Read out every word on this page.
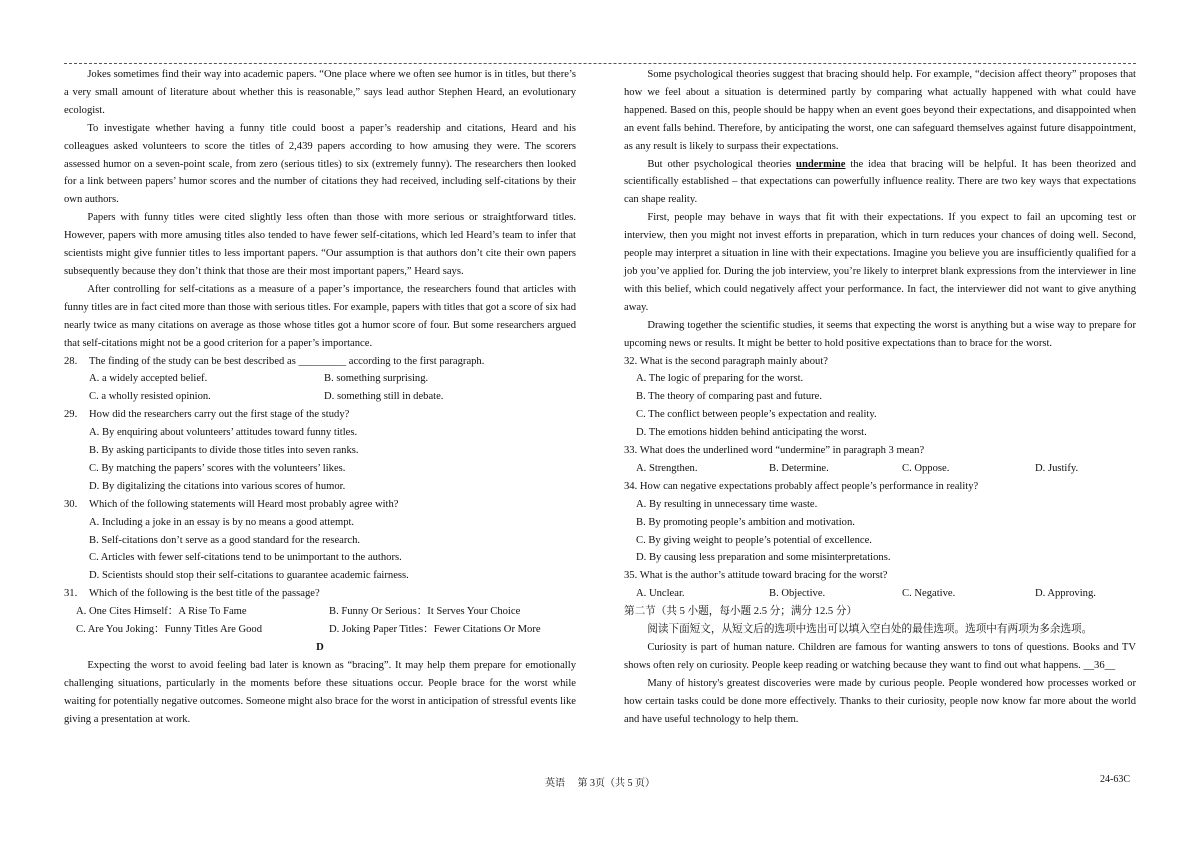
Jokes sometimes find their way into academic papers. “One place where we often see humor is in titles, but there’s a very small amount of literature about whether this is reasonable,” says lead author Stephen Heard, an evolutionary ecologist.

To investigate whether having a funny title could boost a paper’s readership and citations, Heard and his colleagues asked volunteers to score the titles of 2,439 papers according to how amusing they were. The scorers assessed humor on a seven-point scale, from zero (serious titles) to six (extremely funny). The researchers then looked for a link between papers’ humor scores and the number of citations they had received, including self-citations by their own authors.

Papers with funny titles were cited slightly less often than those with more serious or straightforward titles. However, papers with more amusing titles also tended to have fewer self-citations, which led Heard’s team to infer that scientists might give funnier titles to less important papers. “Our assumption is that authors don’t cite their own papers subsequently because they don’t think that those are their most important papers,” Heard says.

After controlling for self-citations as a measure of a paper’s importance, the researchers found that articles with funny titles are in fact cited more than those with serious titles. For example, papers with titles that got a score of six had nearly twice as many citations on average as those whose titles got a humor score of four. But some researchers argued that self-citations might not be a good criterion for a paper’s importance.

28.	The finding of the study can be best described as _________ according to the first paragraph.
A. a widely accepted belief.	B. something surprising.
C. a wholly resisted opinion.	D. something still in debate.
29.	How did the researchers carry out the first stage of the study?

A. By enquiring about volunteers’ attitudes toward funny titles.

B. By asking participants to divide those titles into seven ranks.

C. By matching the papers’ scores with the volunteers’ likes.

D. By digitalizing the citations into various scores of humor.

30.	Which of the following statements will Heard most probably agree with?

A. Including a joke in an essay is by no means a good attempt.

B. Self-citations don’t serve as a good standard for the research.

C. Articles with fewer self-citations tend to be unimportant to the authors.

D. Scientists should stop their self-citations to guarantee academic fairness.

31.	Which of the following is the best title of the passage?
A. One Cites Himself：A Rise To Fame	B. Funny Or Serious：It Serves Your Choice
C. Are You Joking：Funny Titles Are Good	D. Joking Paper Titles：Fewer Citations Or More

D

Expecting the worst to avoid feeling bad later is known as “bracing”. It may help them prepare for emotionally challenging situations, particularly in the moments before these situations occur. People brace for the worst while waiting for potentially negative outcomes. Someone might also brace for the worst in anticipation of stressful events like giving a presentation at work.

Some psychological theories suggest that bracing should help. For example, “decision affect theory” proposes that how we feel about a situation is determined partly by comparing what actually happened with what could have happened. Based on this, people should be happy when an event goes beyond their expectations, and disappointed when an event falls behind. Therefore, by anticipating the worst, one can safeguard themselves against future disappointment, as any result is likely to surpass their expectations.

But other psychological theories undermine the idea that bracing will be helpful. It has been theorized and scientifically established – that expectations can powerfully influence reality. There are two key ways that expectations can shape reality.

First, people may behave in ways that fit with their expectations. If you expect to fail an upcoming test or interview, then you might not invest efforts in preparation, which in turn reduces your chances of doing well. Second, people may interpret a situation in line with their expectations. Imagine you believe you are insufficiently qualified for a job you’ve applied for. During the job interview, you’re likely to interpret blank expressions from the interviewer in line with this belief, which could negatively affect your performance. In fact, the interviewer did not want to give anything away.

Drawing together the scientific studies, it seems that expecting the worst is anything but a wise way to prepare for upcoming news or results. It might be better to hold positive expectations than to brace for the worst.

32. What is the second paragraph mainly about?

A. The logic of preparing for the worst.

B. The theory of comparing past and future.

C. The conflict between people’s expectation and reality.

D. The emotions hidden behind anticipating the worst.

33. What does the underlined word “undermine” in paragraph 3 mean?

A. Strengthen.	B. Determine.	C. Oppose.	D. Justify.

34. How can negative expectations probably affect people’s performance in reality?

A. By resulting in unnecessary time waste.

B. By promoting people’s ambition and motivation.

C. By giving weight to people’s potential of excellence.

D. By causing less preparation and some misinterpretations.

35. What is the author’s attitude toward bracing for the worst?

A. Unclear.	B. Objective.	C. Negative.	D. Approving.

第二节（共 5 小题，每小题 2.5 分；满分 12.5 分）

阅读下面短文，从短文后的选项中选出可以填入空白处的最佳选项。选项中有两项为多余选项。

Curiosity is part of human nature. Children are famous for wanting answers to tons of questions. Books and TV shows often rely on curiosity. People keep reading or watching because they want to find out what happens. __36__

Many of history's greatest discoveries were made by curious people. People wondered how processes worked or how certain tasks could be done more effectively. Thanks to their curiosity, people now know far more about the world and have useful technology to help them.

英语　 第 3页（共 5 页）	24-63C
